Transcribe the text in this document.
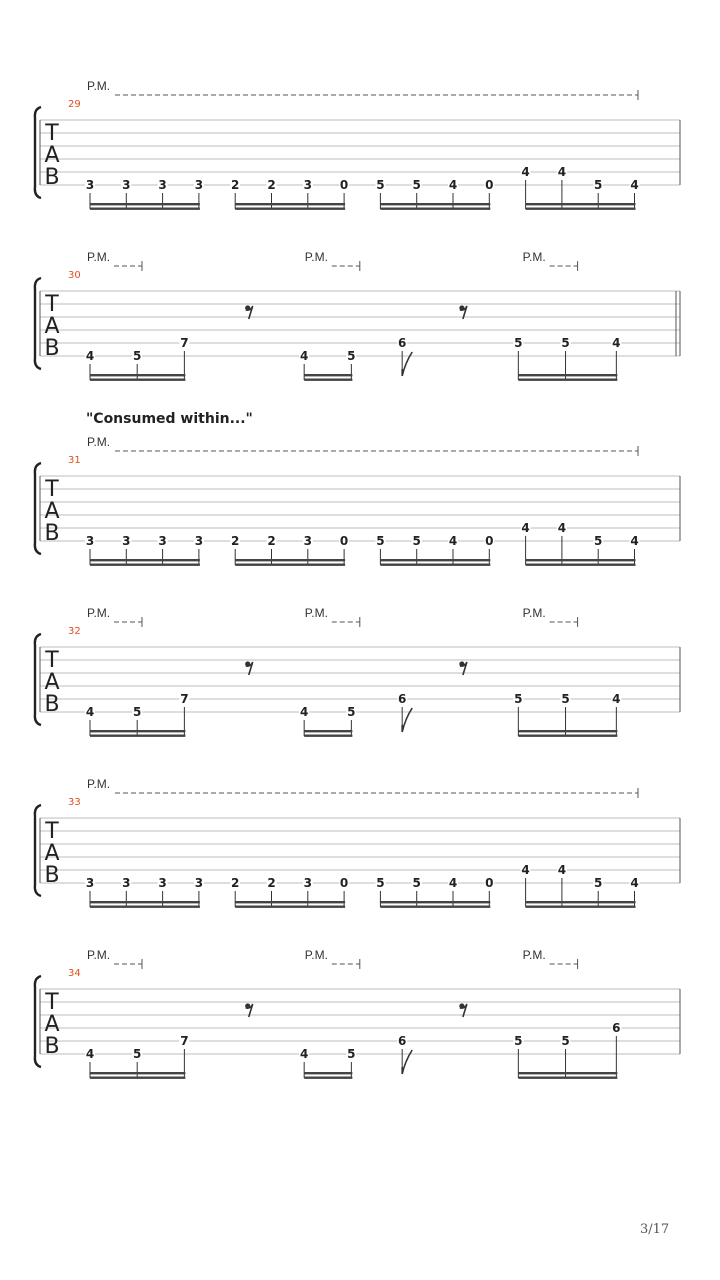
T
A
B
29
P.M.
3 3 3 3 2 2 3 0 5 5 4 0
4 4
5 4
T
A
B
30
P.M.	P.M.	P.M.
4	5
7
4	5
6	5	5	4
T
A
B
31
"Consumed within..."
P.M.
3 3 3 3 2 2 3 0 5 5 4 0
4 4
5 4
T
A
B
32
P.M.	P.M.	P.M.
4	5
7
4	5
6	5	5	4
T
A
B
33
P.M.
3 3 3 3 2 2 3 0 5 5 4 0
4 4
5 4
T
A
B
34
P.M.	P.M.	P.M.
4	5
7
4	5
6	5	5
6
3/17
